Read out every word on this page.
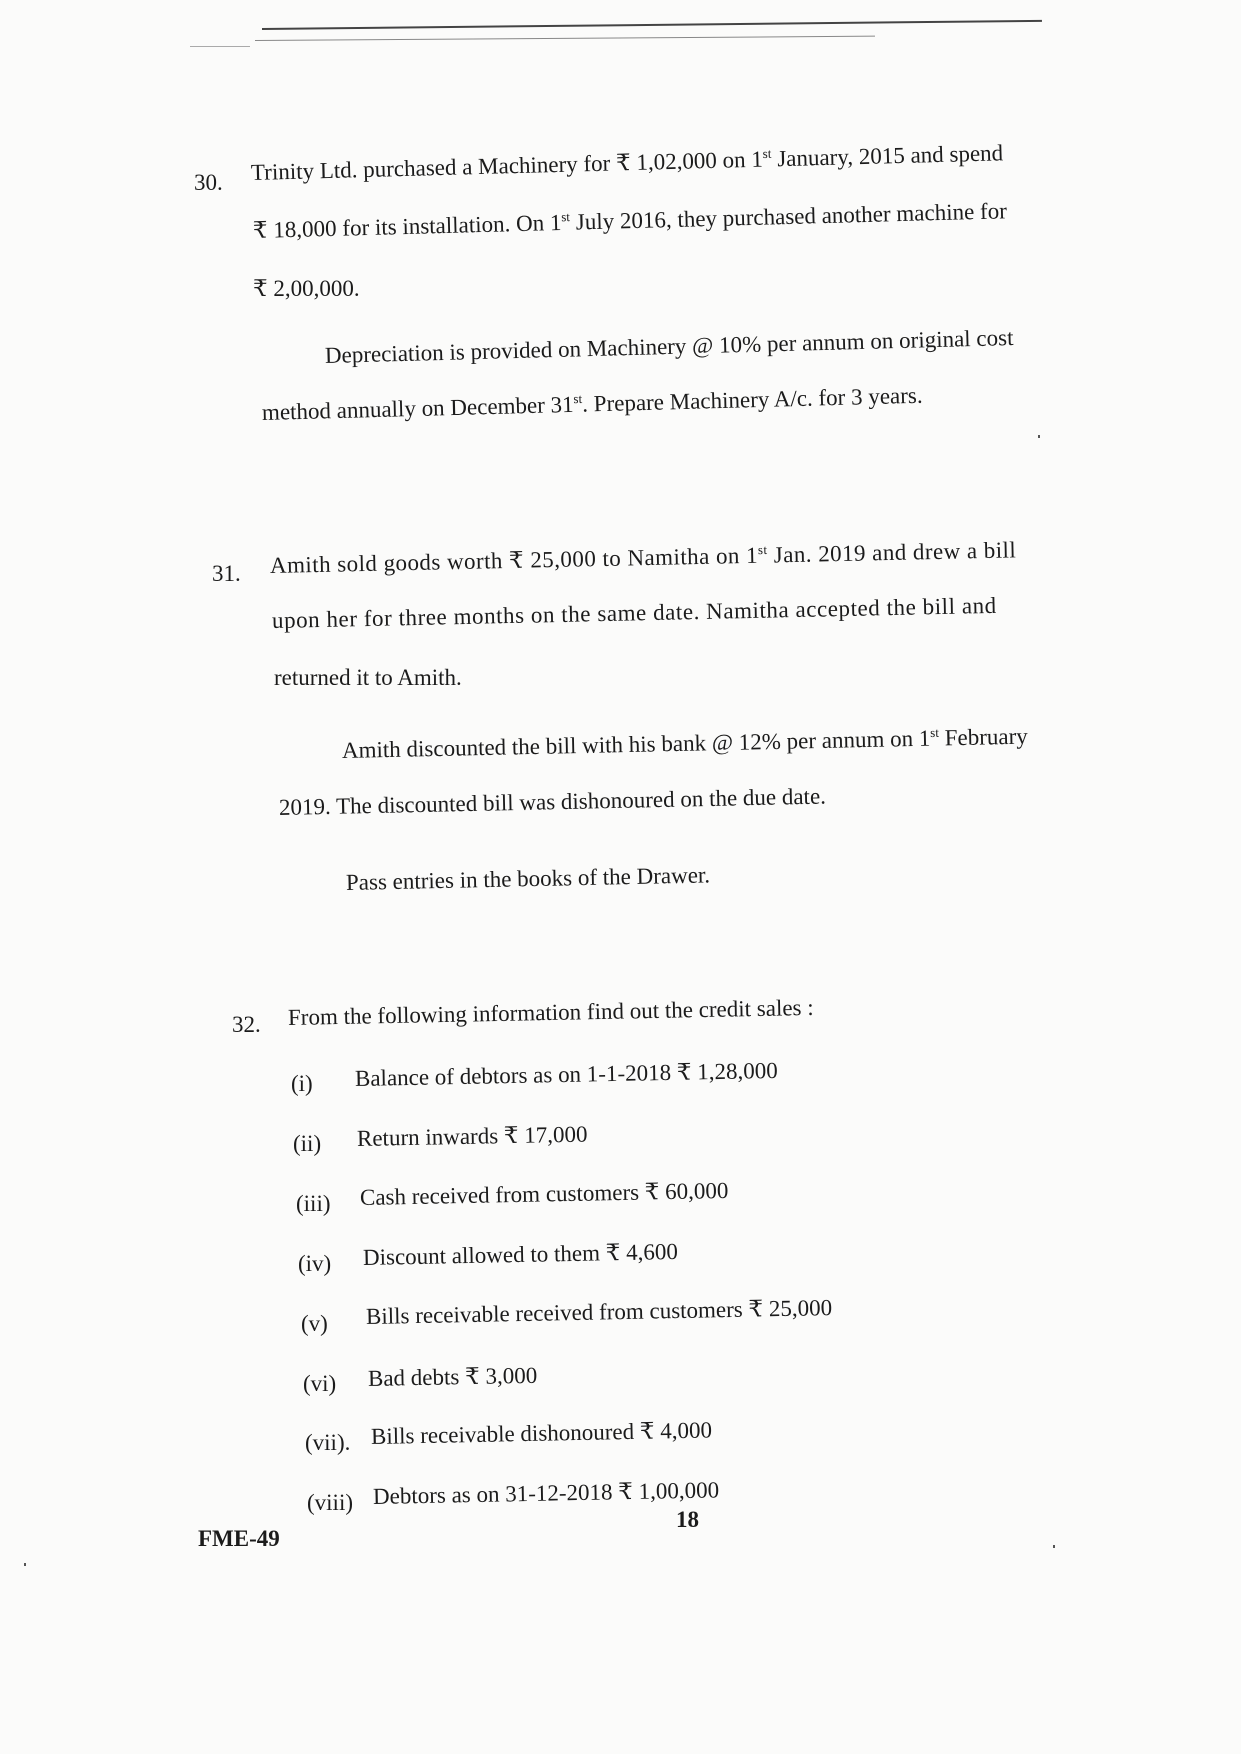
30. Trinity Ltd. purchased a Machinery for ₹ 1,02,000 on 1st January, 2015 and spend
₹ 18,000 for its installation. On 1st July 2016, they purchased another machine for
₹ 2,00,000.
Depreciation is provided on Machinery @ 10% per annum on original cost
method annually on December 31st. Prepare Machinery A/c. for 3 years.
31. Amith sold goods worth ₹ 25,000 to Namitha on 1st Jan. 2019 and drew a bill
upon her for three months on the same date. Namitha accepted the bill and
returned it to Amith.
Amith discounted the bill with his bank @ 12% per annum on 1st February
2019. The discounted bill was dishonoured on the due date.
Pass entries in the books of the Drawer.
32. From the following information find out the credit sales :
(i) Balance of debtors as on 1-1-2018 ₹ 1,28,000
(ii) Return inwards ₹ 17,000
(iii) Cash received from customers ₹ 60,000
(iv) Discount allowed to them ₹ 4,600
(v) Bills receivable received from customers ₹ 25,000
(vi) Bad debts ₹ 3,000
(vii). Bills receivable dishonoured ₹ 4,000
(viii) Debtors as on 31-12-2018 ₹ 1,00,000
18
FME-49
